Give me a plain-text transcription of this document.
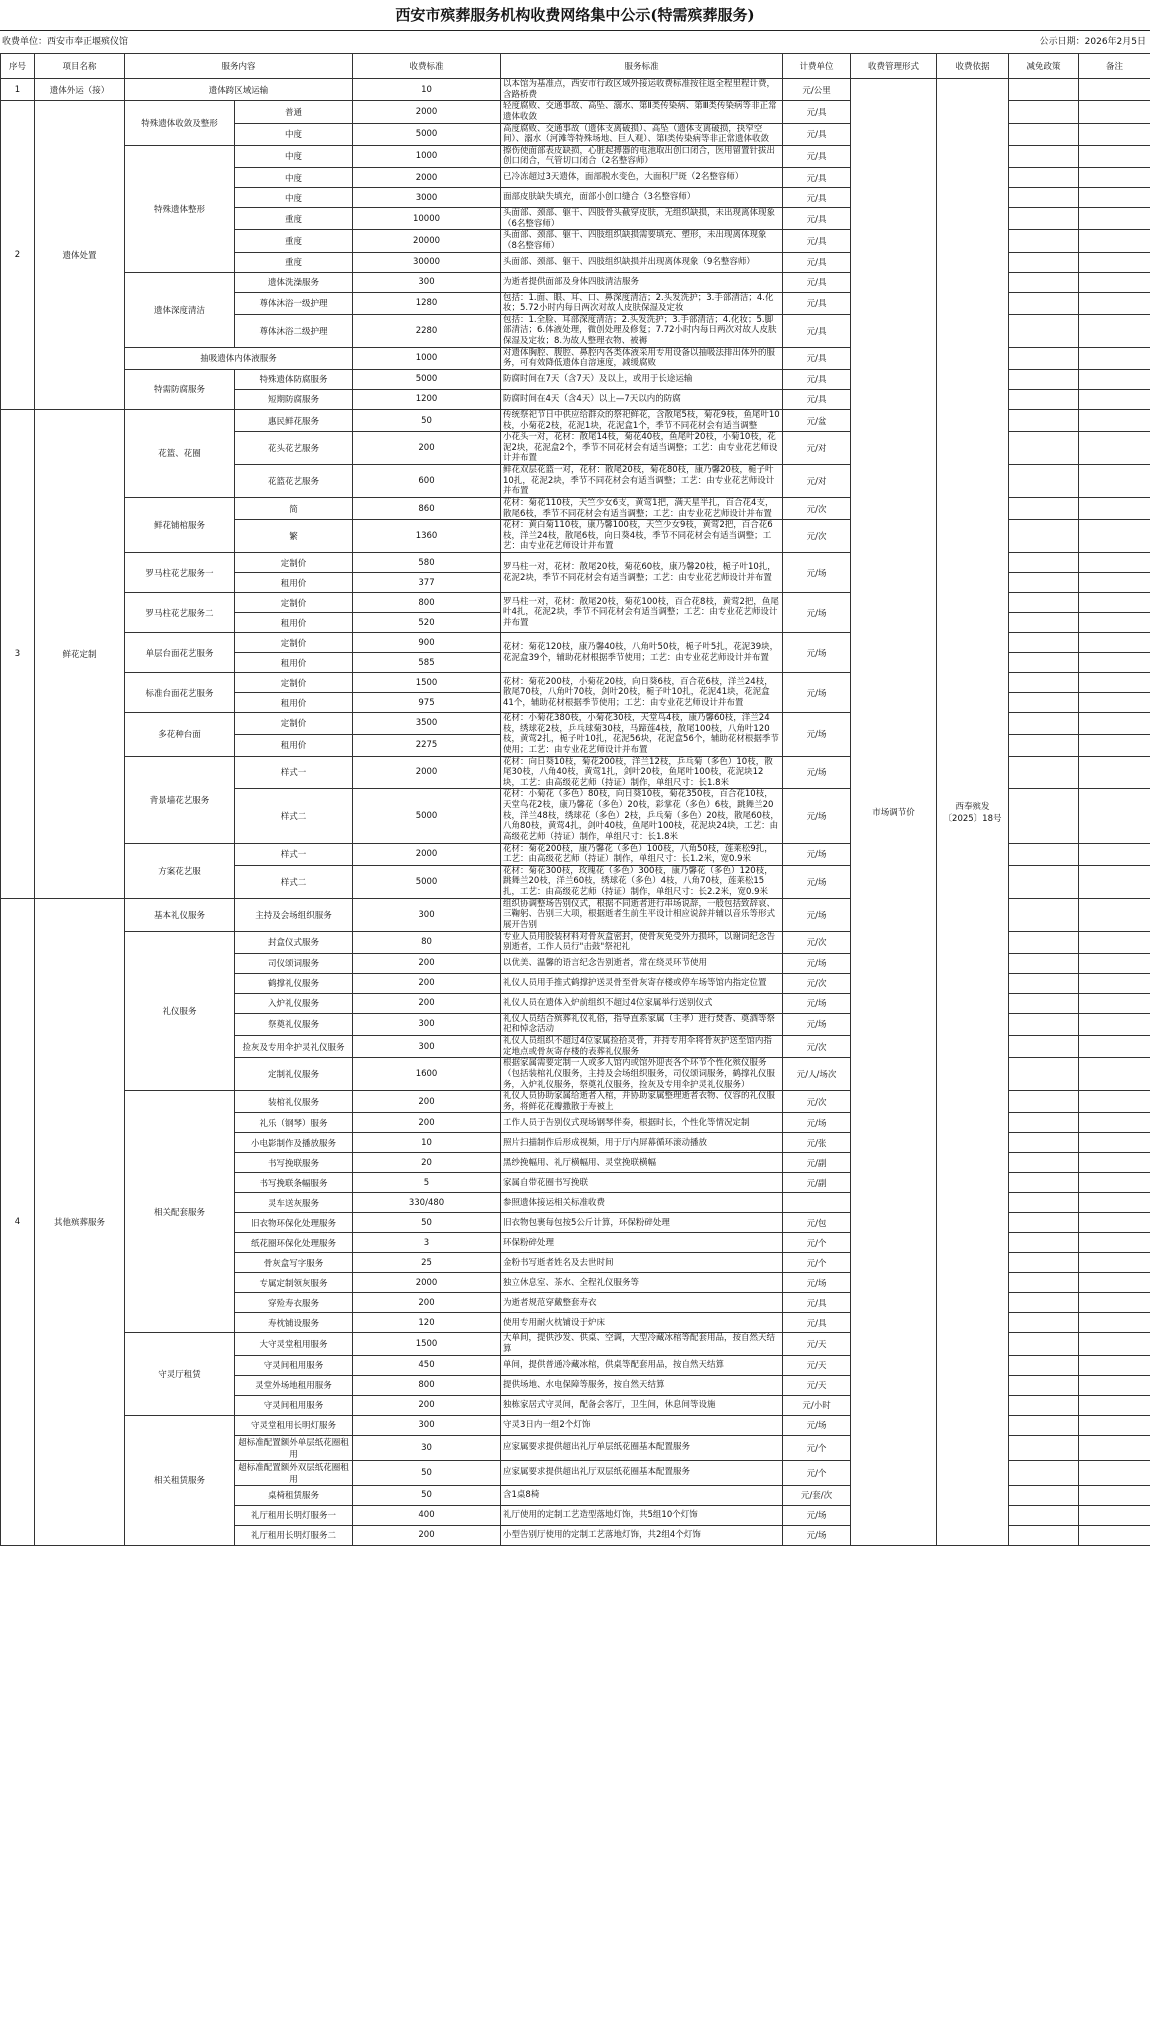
西安市殡葬服务机构收费网络集中公示(特需殡葬服务)
收费单位：西安市奉正堰殡仪馆	公示日期：2026年2月5日
序号	项目名称	服务内容		收费标准	服务标准	计费单位	收费管理形式	收费依据	减免政策	备注
1	遗体外运（接）	遗体跨区域运输		10	以本馆为基准点，西安市行政区域外接运收费标准按往返全程里程计费，含路桥费	元/公里	市场调节价	西奉殡发〔2025〕18号		
2	遗体处置	特殊遗体收敛及整形	普通	2000	轻度腐败、交通事故、高坠、溺水、第Ⅱ类传染病、第Ⅲ类传染病等非正常遗体收敛	元/具				
			中度	5000	高度腐败、交通事故（遗体支离破损）、高坠（遗体支离破损，抉窄空间）、溺水（河滩等特殊场地、巨人观）、第Ⅰ类传染病等非正常遗体收敛	元/具				
		特殊遗体整形	中度	1000	擦伤使面部表皮缺损，心脏起搏器的电池取出创口闭合，医用留置针拔出创口闭合，气管切口闭合（2名整容师）	元/具				
			中度	2000	已冷冻超过3天遗体，面部脱水变色，大面积尸斑（2名整容师）	元/具				
			中度	3000	面部皮肤缺失填充，面部小创口缝合（3名整容师）	元/具				
			重度	10000	头面部、颈部、躯干、四肢骨头截穿皮肤，无组织缺损，未出现离体现象（6名整容师）	元/具				
			重度	20000	头面部、颈部、躯干、四肢组织缺损需要填充、塑形，未出现离体现象（8名整容师）	元/具				
			重度	30000	头面部、颈部、躯干、四肢组织缺损并出现离体现象（9名整容师）	元/具				
		遗体深度清洁	遗体洗澡服务	300	为逝者提供面部及身体四肢清洁服务	元/具				
			尊体沐浴一级护理	1280	包括：1.面、眼、耳、口、鼻深度清洁；2.头发洗护；3.手部清洁；4.化妆；5.72小时内每日两次对故人皮肤保湿及定妆	元/具				
			尊体沐浴二级护理	2280	包括：1.全脸、耳部深度清洁；2.头发洗护；3.手部清洁；4.化妆；5.脚部清洁；6.体液处理，微创处理及修复；7.72小时内每日两次对故人皮肤保湿及定妆；8.为故人整理衣物、被褥	元/具				
		抽吸遗体内体液服务		1000	对遗体胸腔、腹腔、鼻腔内各类体液采用专用设备以抽吸法排出体外的服务，可有效降低遗体自溶速度，减缓腐败	元/具				
		特需防腐服务	特殊遗体防腐服务	5000	防腐时间在7天（含7天）及以上，或用于长途运输	元/具				
			短期防腐服务	1200	防腐时间在4天（含4天）以上—7天以内的防腐	元/具				
3	鲜花定制	花篮、花圈	惠民鲜花服务	50	传统祭祀节日中供应给群众的祭祀鲜花，含散尾5枝，菊花9枝，鱼尾叶10枝，小菊花2枝，花泥1块，花泥盒1个，季节不同花材会有适当调整	元/盆				
			花头花艺服务	200	小花头一对，花材：散尾14枝，菊花40枝，鱼尾叶20枝，小菊10枝，花泥2块，花泥盒2个，季节不同花材会有适当调整；工艺：由专业花艺师设计并布置	元/对				
			花篮花艺服务	600	鲜花双层花篮一对，花材：散尾20枝，菊花80枝，康乃馨20枝，栀子叶10扎，花泥2块，季节不同花材会有适当调整；工艺：由专业花艺师设计并布置	元/对				
		鲜花铺棺服务	简	860	花材：菊花110枝，天竺少女6支，黄莺1把，满天星半扎，百合花4支，散尾6枝，季节不同花材会有适当调整；工艺：由专业花艺师设计并布置	元/次				
			繁	1360	花材：黄白菊110枝，康乃馨100枝，天竺少女9枝，黄莺2把，百合花6枝，洋兰24枝，散尾6枝，向日葵4枝，季节不同花材会有适当调整；工艺：由专业花艺师设计并布置	元/次				
		罗马柱花艺服务一	定制价	580	罗马柱一对，花材：散尾20枝，菊花60枝，康乃馨20枝，栀子叶10扎，花泥2块，季节不同花材会有适当调整；工艺：由专业花艺师设计并布置	元/场				
			租用价	377						
		罗马柱花艺服务二	定制价	800	罗马柱一对，花材：散尾20枝，菊花100枝，百合花8枝，黄莺2把，鱼尾叶4扎，花泥2块，季节不同花材会有适当调整；工艺：由专业花艺师设计并布置	元/场				
			租用价	520						
		单层台面花艺服务	定制价	900	花材：菊花120枝，康乃馨40枝，八角叶50枝，栀子叶5扎，花泥39块，花泥盒39个，辅助花材根据季节使用；工艺：由专业花艺师设计并布置	元/场				
			租用价	585						
		标准台面花艺服务	定制价	1500	花材：菊花200枝，小菊花20枝，向日葵6枝，百合花6枝，洋兰24枝，散尾70枝，八角叶70枝，剑叶20枝，栀子叶10扎，花泥41块，花泥盒41个，辅助花材根据季节使用；工艺：由专业花艺师设计并布置	元/场				
			租用价	975						
		多花种台面	定制价	3500	花材：小菊花380枝，小菊花30枝，天堂鸟4枝，康乃馨60枝，洋兰24枝，绣球花2枝，乒乓球菊30枝，马蹄莲4枝，散尾100枝，八角叶120枝，黄莺2扎，栀子叶10扎，花泥56块，花泥盒56个，辅助花材根据季节使用；工艺：由专业花艺师设计并布置	元/场				
			租用价	2275						
		背景墙花艺服务	样式一	2000	花材：向日葵10枝，菊花200枝，洋兰12枝，乒乓菊（多色）10枝，散尾30枝，八角40枝，黄莺1扎，剑叶20枝，鱼尾叶100枝，花泥块12块，工艺：由高级花艺师（持证）制作，单组尺寸：长1.8米	元/场				
			样式二	5000	花材：小菊花（多色）80枝，向日葵10枝，菊花350枝，百合花10枝，天堂鸟花2枝，康乃馨花（多色）20枝，彩掌花（多色）6枝，跳舞兰20枝，洋兰48枝，绣球花（多色）2枝，乒乓菊（多色）20枝，散尾60枝，八角80枝，黄莺4扎，剑叶40枝，鱼尾叶100枝，花泥块24块，工艺：由高级花艺师（持证）制作，单组尺寸：长1.8米	元/场				
		方案花艺服	样式一	2000	花材：菊花200枝，康乃馨花（多色）100枝，八角50枝，莲莱松9扎，工艺：由高级花艺师（持证）制作，单组尺寸：长1.2米，宽0.9米	元/场				
			样式二	5000	花材：菊花300枝，玫瑰花（多色）300枝，康乃馨花（多色）120枝，跳舞兰20枝，洋兰60枝，绣球花（多色）4枝，八角70枝，莲莱松15扎，工艺：由高级花艺师（持证）制作，单组尺寸：长2.2米，宽0.9米	元/场				
4	其他殡葬服务	基本礼仪服务	主持及会场组织服务	300	组织协调整场告别仪式，根据不同逝者进行串场说辞，一般包括致辞哀、三鞠躬、告别三大项，根据逝者生前生平设计相应说辞并辅以音乐等形式展开告别	元/场				
		礼仪服务	封盒仪式服务	80	专业人员用胶装材料对骨灰盒密封，使骨灰免受外力损坏，以谢词纪念告别逝者，工作人员行"击鼓"祭祀礼	元/次				
			司仪颂词服务	200	以优美、温馨的语言纪念告别逝者，常在绕灵环节使用	元/场				
			鹤撑礼仪服务	200	礼仪人员用手推式鹤撑护送灵骨至骨灰寄存楼或停车场等馆内指定位置	元/次				
			入炉礼仪服务	200	礼仪人员在遗体入炉前组织不超过4位家属举行送别仪式	元/场				
			祭奠礼仪服务	300	礼仪人员结合殡葬礼仪礼俗，指导直系家属（主孝）进行焚香、奠酒等祭祀和悼念活动	元/场				
			捡灰及专用伞护灵礼仪服务	300	礼仪人员组织不超过4位家属捡拾灵骨，并持专用伞将骨灰护送至馆内指定地点或骨灰寄存楼的表葬礼仪服务	元/次				
			定制礼仪服务	1600	根据家属需要定制一人或多人馆内或馆外迎丧各个环节个性化殡仪服务（包括装棺礼仪服务，主持及会场组织服务，司仪颂词服务，鹤撑礼仪服务，入炉礼仪服务，祭奠礼仪服务，捡灰及专用伞护灵礼仪服务）	元/人/场次				
		相关配套服务	装棺礼仪服务	200	礼仪人员协助家属给逝者入棺，并协助家属整理逝者衣物、仪容的礼仪服务，将鲜花花瓣撒散于寿被上	元/次				
			礼乐（钢琴）服务	200	工作人员于告别仪式现场钢琴伴奏，根据时长，个性化等情况定制	元/场				
			小电影制作及播放服务	10	照片扫描制作后形成视频，用于厅内屏幕循环滚动播放	元/张				
			书写挽联服务	20	黑纱挽幅用、礼厅横幅用、灵堂挽联横幅	元/副				
			书写挽联条幅服务	5	家属自带花圈书写挽联	元/副				
			灵车送灰服务	330/480	参照遗体接运相关标准收费					
			旧衣物环保化处理服务	50	旧衣物包裹每包按5公斤计算，环保粉碎处理	元/包				
			纸花圈环保化处理服务	3	环保粉碎处理	元/个				
			骨灰盒写字服务	25	金粉书写逝者姓名及去世时间	元/个				
			专属定制领灰服务	2000	独立休息室、茶水、全程礼仪服务等	元/场				
			穿殓寿衣服务	200	为逝者规范穿戴整套寿衣	元/具				
			寿枕铺设服务	120	使用专用耐火枕铺设于炉床	元/具				
		守灵厅租赁	大守灵堂租用服务	1500	大单间，提供沙发、供桌、空调，大型冷藏冰棺等配套用品，按自然天结算	元/天				
			守灵间租用服务	450	单间，提供普通冷藏冰棺，供桌等配套用品，按自然天结算	元/天				
			灵堂外场地租用服务	800	提供场地、水电保障等服务，按自然天结算	元/天				
			守灵间租用服务	200	独栋家居式守灵间，配备会客厅，卫生间，休息间等设施	元/小时				
		相关租赁服务	守灵堂租用长明灯服务	300	守灵3日内一组2个灯饰	元/场				
			超标准配置额外单层纸花圈租用	30	应家属要求提供超出礼厅单层纸花圈基本配置服务	元/个				
			超标准配置额外双层纸花圈租用	50	应家属要求提供超出礼厅双层纸花圈基本配置服务	元/个				
			桌椅租赁服务	50	含1桌8椅	元/套/次				
			礼厅租用长明灯服务一	400	礼厅使用的定制工艺造型落地灯饰，共5组10个灯饰	元/场				
			礼厅租用长明灯服务二	200	小型告别厅使用的定制工艺落地灯饰，共2组4个灯饰	元/场				
